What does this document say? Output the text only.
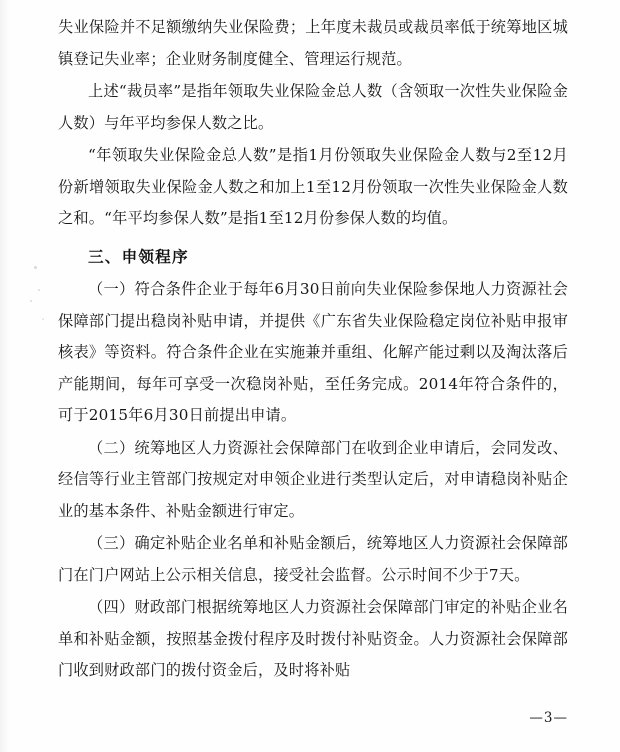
失业保险并不足额缴纳失业保险费；上年度未裁员或裁员率低于统筹地区城镇登记失业率；企业财务制度健全、管理运行规范。

上述“裁员率”是指年领取失业保险金总人数（含领取一次性失业保险金人数）与年平均参保人数之比。

“年领取失业保险金总人数”是指1月份领取失业保险金人数与2至12月份新增领取失业保险金人数之和加上1至12月份领取一次性失业保险金人数之和。“年平均参保人数”是指1至12月份参保人数的均值。

三、申领程序

（一）符合条件企业于每年6月30日前向失业保险参保地人力资源社会保障部门提出稳岗补贴申请，并提供《广东省失业保险稳定岗位补贴申报审核表》等资料。符合条件企业在实施兼并重组、化解产能过剩以及淘汰落后产能期间，每年可享受一次稳岗补贴，至任务完成。2014年符合条件的，可于2015年6月30日前提出申请。

（二）统筹地区人力资源社会保障部门在收到企业申请后，会同发改、经信等行业主管部门按规定对申领企业进行类型认定后，对申请稳岗补贴企业的基本条件、补贴金额进行审定。

（三）确定补贴企业名单和补贴金额后，统筹地区人力资源社会保障部门在门户网站上公示相关信息，接受社会监督。公示时间不少于7天。

（四）财政部门根据统筹地区人力资源社会保障部门审定的补贴企业名单和补贴金额，按照基金拨付程序及时拨付补贴资金。人力资源社会保障部门收到财政部门的拨付资金后，及时将补贴

—3—
